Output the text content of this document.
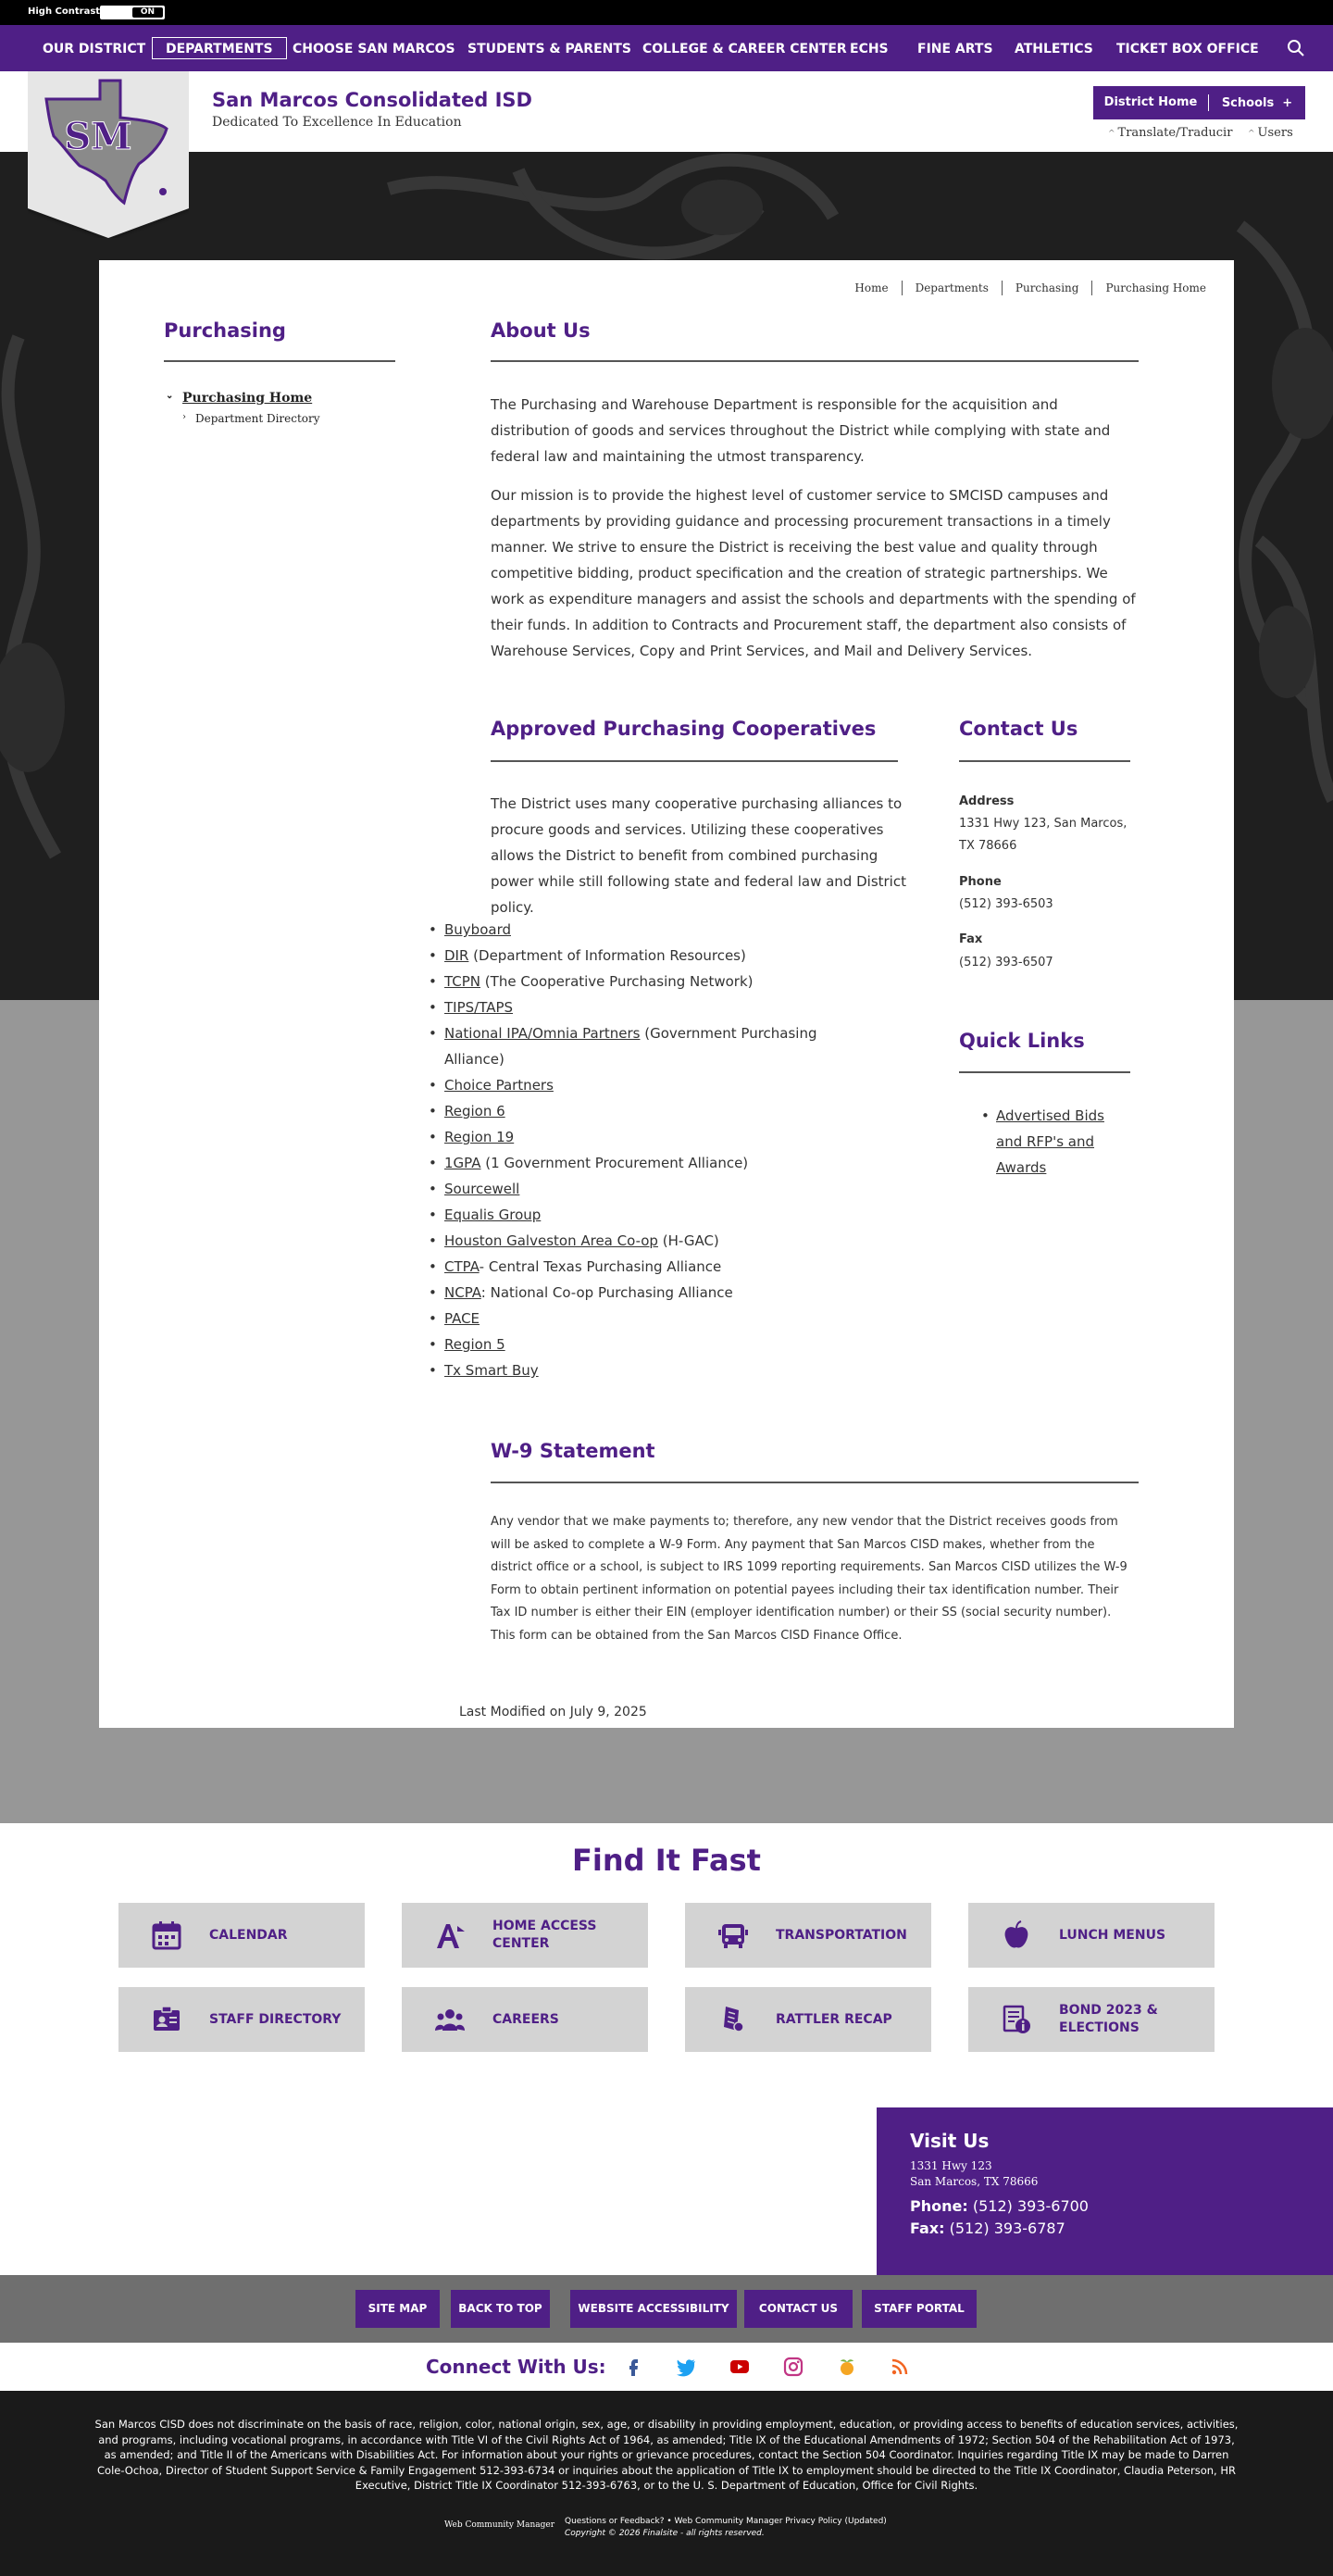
High Contrast OFF	ON
OUR DISTRICT	DEPARTMENTS	CHOOSE SAN MARCOS STUDENTS & PARENTS COLLEGE & CAREER CENTER ECHS FINE ARTS ATHLETICS TICKET BOX OFFICE
SM
San Marcos Consolidated ISD
Dedicated To Excellence In Education
District Home	Schools +
^ Translate/Traducir ^ Users
Home	Departments	Purchasing	Purchasing Home
Purchasing
⌄ Purchasing Home
› Department Directory
About Us
The Purchasing and Warehouse Department is responsible for the acquisition and distribution of goods and services throughout the District while complying with state and federal law and maintaining the utmost transparency.
Our mission is to provide the highest level of customer service to SMCISD campuses and departments by providing guidance and processing procurement transactions in a timely manner. We strive to ensure the District is receiving the best value and quality through competitive bidding, product specification and the creation of strategic partnerships. We work as expenditure managers and assist the schools and departments with the spending of their funds. In addition to Contracts and Procurement staff, the department also consists of Warehouse Services, Copy and Print Services, and Mail and Delivery Services.
Approved Purchasing Cooperatives
The District uses many cooperative purchasing alliances to procure goods and services. Utilizing these cooperatives allows the District to benefit from combined purchasing power while still following state and federal law and District policy.
• Buyboard
• DIR (Department of Information Resources)
• TCPN (The Cooperative Purchasing Network)
• TIPS/TAPS
• National IPA/Omnia Partners (Government Purchasing Alliance)
• Choice Partners
• Region 6
• Region 19
• 1GPA (1 Government Procurement Alliance)
• Sourcewell
• Equalis Group
• Houston Galveston Area Co-op (H-GAC)
• CTPA- Central Texas Purchasing Alliance
• NCPA: National Co-op Purchasing Alliance
• PACE
• Region 5
• Tx Smart Buy
Contact Us
Address
1331 Hwy 123, San Marcos, TX 78666
Phone
(512) 393-6503
Fax
(512) 393-6507
Quick Links
• Advertised Bids and RFP's and Awards
W-9 Statement
Any vendor that we make payments to; therefore, any new vendor that the District receives goods from will be asked to complete a W-9 Form. Any payment that San Marcos CISD makes, whether from the district office or a school, is subject to IRS 1099 reporting requirements. San Marcos CISD utilizes the W-9 Form to obtain pertinent information on potential payees including their tax identification number. Their Tax ID number is either their EIN (employer identification number) or their SS (social security number). This form can be obtained from the San Marcos CISD Finance Office.
Last Modified on July 9, 2025
Find It Fast
CALENDAR
HOME ACCESS CENTER
TRANSPORTATION	LUNCH MENUS
STAFF DIRECTORY	CAREERS	RATTLER RECAP
BOND 2023 & ELECTIONS
Visit Us
1331 Hwy 123
San Marcos, TX 78666
Phone: (512) 393-6700
Fax: (512) 393-6787
SITE MAP	BACK TO TOP	WEBSITE ACCESSIBILITY	CONTACT US	STAFF PORTAL
Connect With Us:
San Marcos CISD does not discriminate on the basis of race, religion, color, national origin, sex, age, or disability in providing employment, education, or providing access to benefits of education services, activities, and programs, including vocational programs, in accordance with Title VI of the Civil Rights Act of 1964, as amended; Title IX of the Educational Amendments of 1972; Section 504 of the Rehabilitation Act of 1973, as amended; and Title II of the Americans with Disabilities Act. For information about your rights or grievance procedures, contact the Section 504 Coordinator. Inquiries regarding Title IX may be made to Darren Cole-Ochoa, Director of Student Support Service & Family Engagement 512-393-6734 or inquiries about the application of Title IX to employment should be directed to the Title IX Coordinator, Claudia Peterson, HR Executive, District Title IX Coordinator 512-393-6763, or to the U. S. Department of Education, Office for Civil Rights.
Web Community Manager Questions or Feedback? • Web Community Manager Privacy Policy (Updated)
Copyright © 2026 Finalsite - all rights reserved.
